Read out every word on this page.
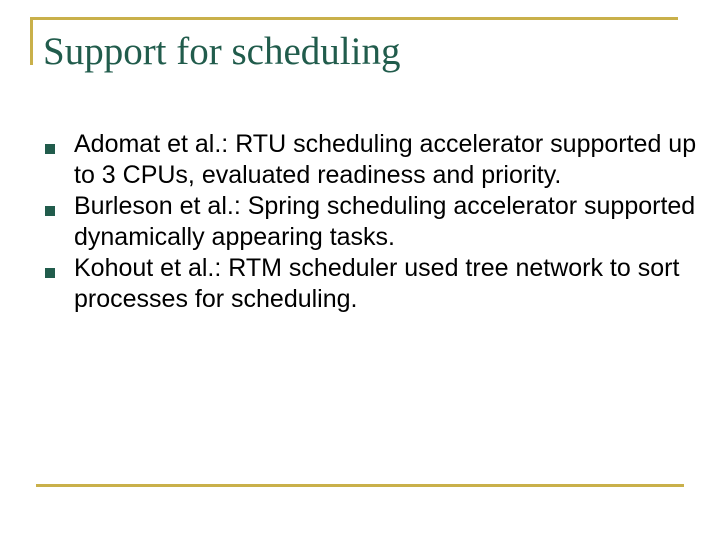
Support for scheduling
Adomat et al.: RTU scheduling accelerator supported up to 3 CPUs, evaluated readiness and priority.
Burleson et al.: Spring scheduling accelerator supported dynamically appearing tasks.
Kohout et al.: RTM scheduler used tree network to sort processes for scheduling.
